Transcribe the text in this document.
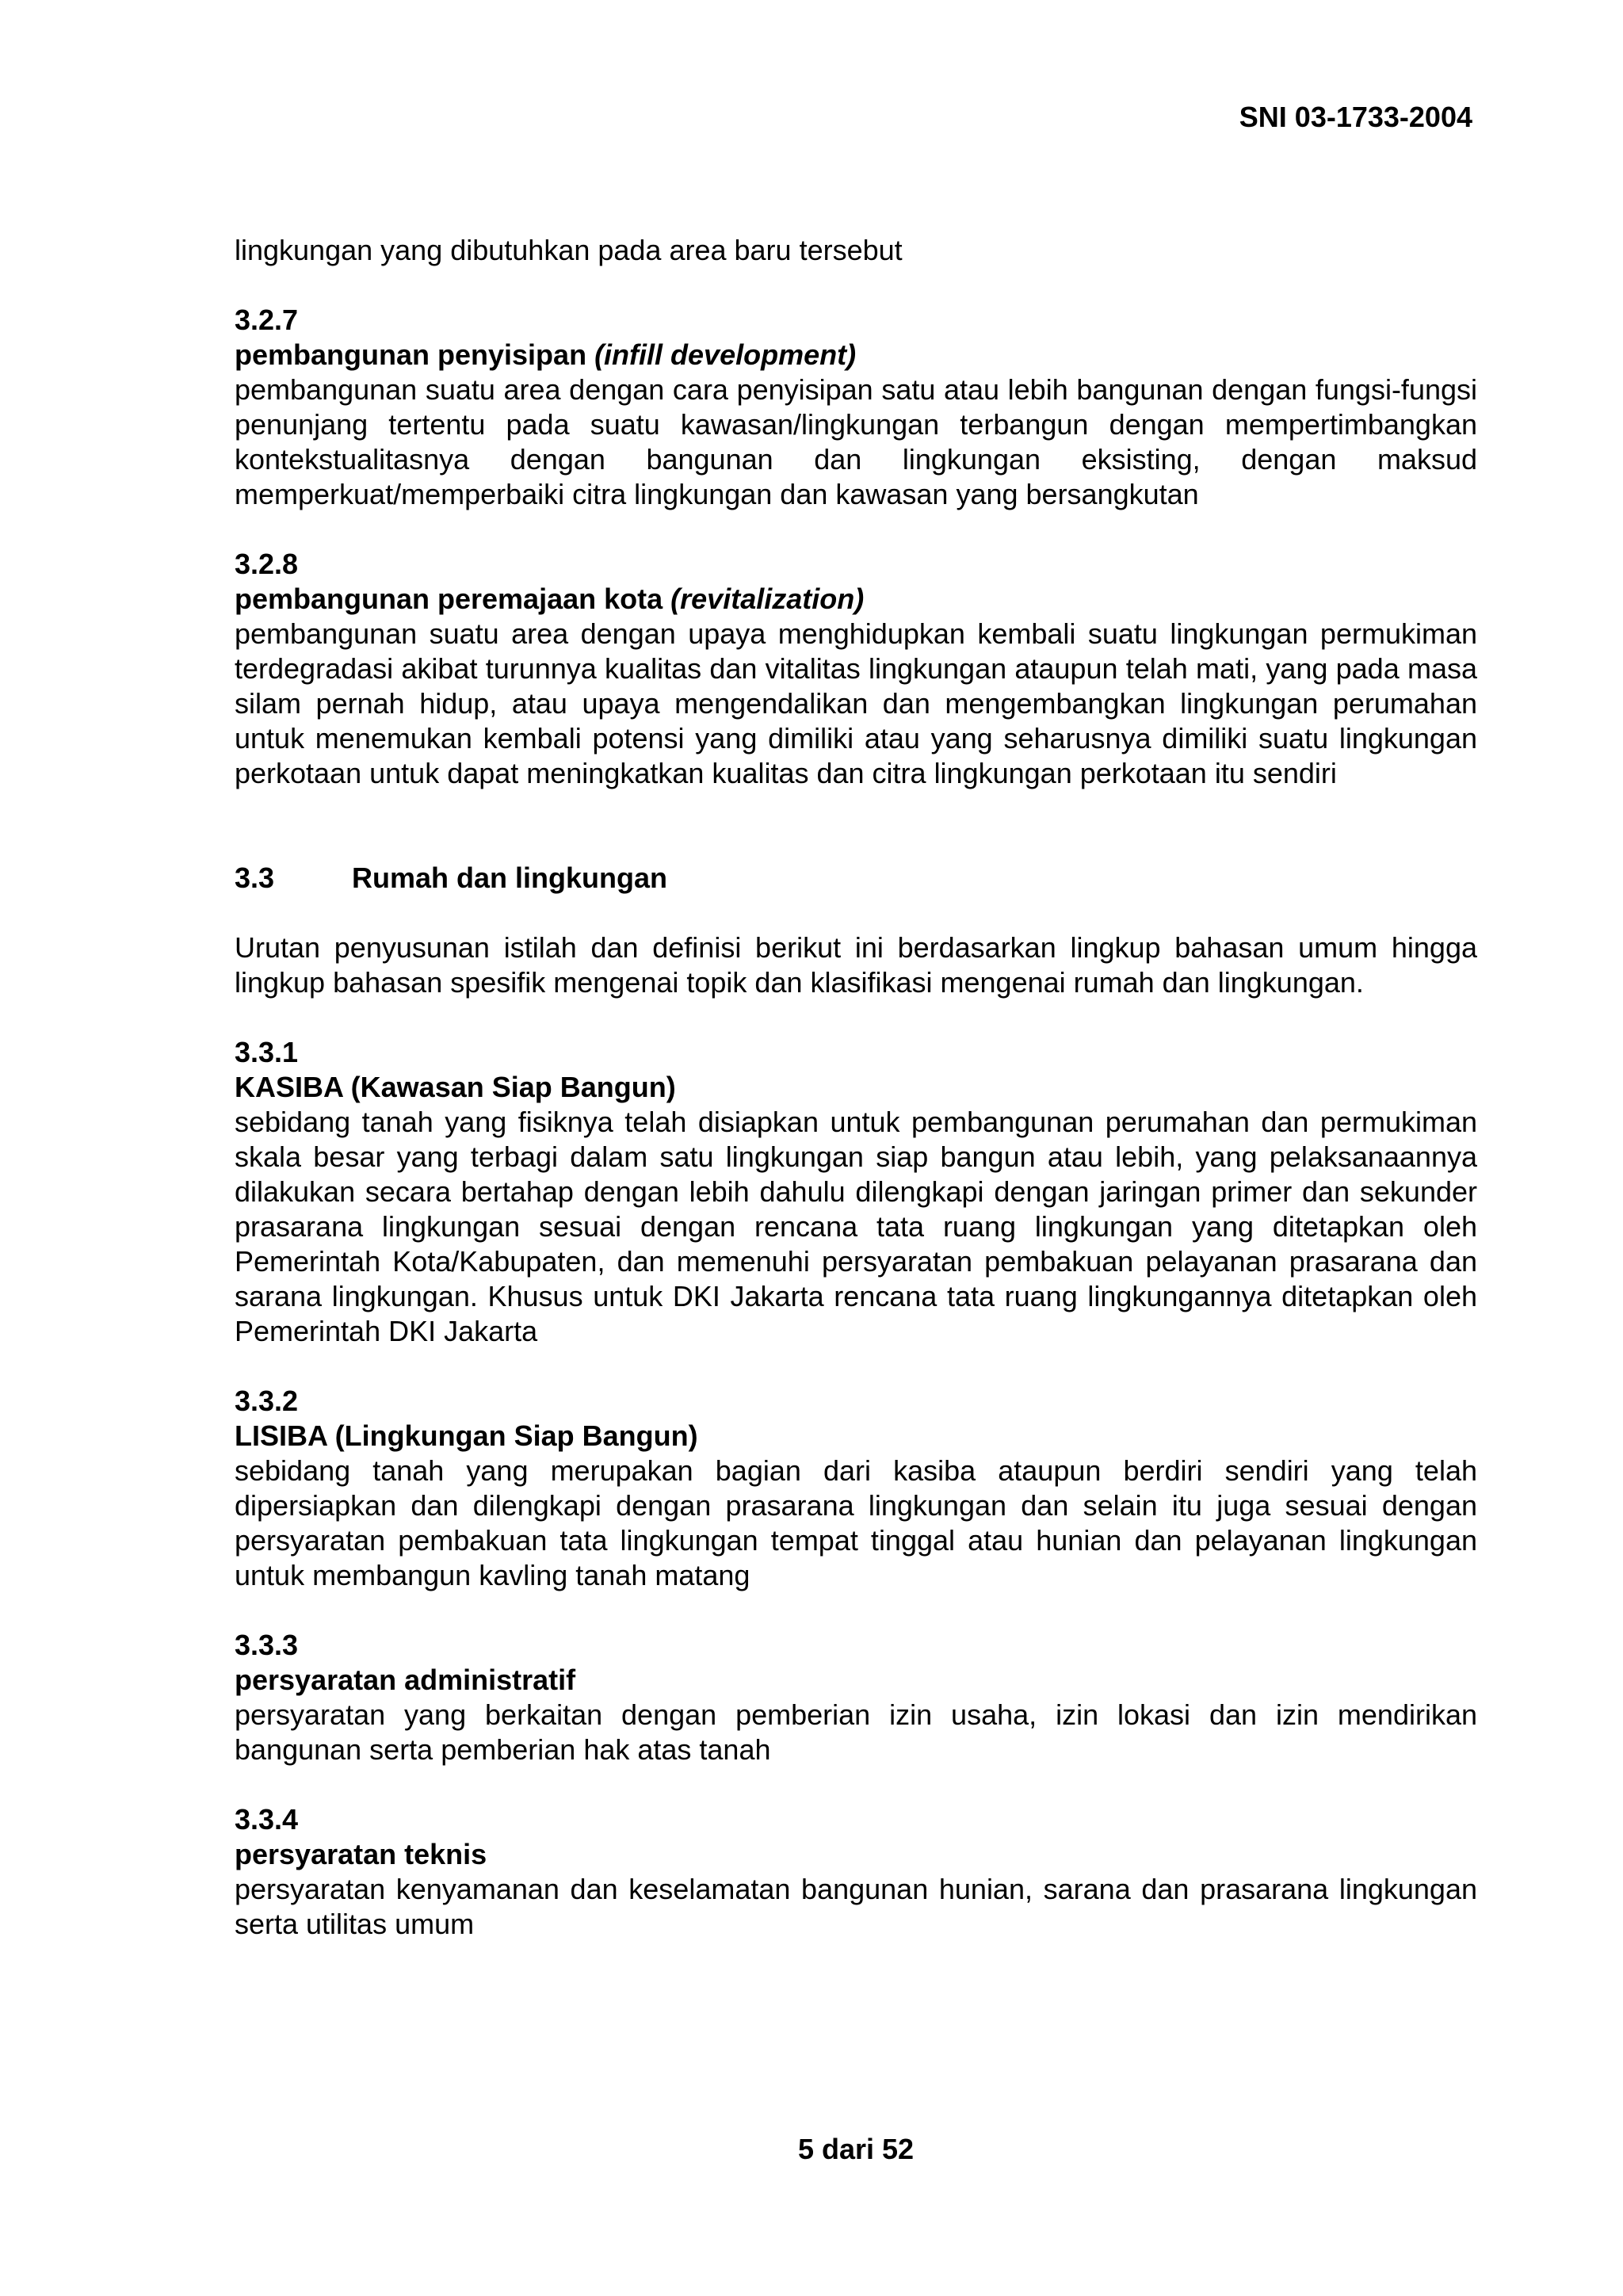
SNI 03-1733-2004

lingkungan yang dibutuhkan pada area baru tersebut

3.2.7

pembangunan penyisipan (infill development)

pembangunan suatu area dengan cara penyisipan satu atau lebih bangunan dengan fungsi-fungsi penunjang tertentu pada suatu kawasan/lingkungan terbangun dengan mempertimbangkan kontekstualitasnya dengan bangunan dan lingkungan eksisting, dengan maksud memperkuat/memperbaiki citra lingkungan dan kawasan yang bersangkutan

3.2.8

pembangunan peremajaan kota (revitalization)

pembangunan suatu area dengan upaya menghidupkan kembali suatu lingkungan permukiman terdegradasi akibat turunnya kualitas dan vitalitas lingkungan ataupun telah mati, yang pada masa silam pernah hidup, atau upaya mengendalikan dan mengembangkan lingkungan perumahan untuk menemukan kembali potensi yang dimiliki atau yang seharusnya dimiliki suatu lingkungan perkotaan untuk dapat meningkatkan kualitas dan citra lingkungan perkotaan itu sendiri

3.3	Rumah dan lingkungan

Urutan penyusunan istilah dan definisi berikut ini berdasarkan lingkup bahasan umum hingga lingkup bahasan spesifik mengenai topik dan klasifikasi mengenai rumah dan lingkungan.

3.3.1

KASIBA (Kawasan Siap Bangun)

sebidang tanah yang fisiknya telah disiapkan untuk pembangunan perumahan dan permukiman skala besar yang terbagi dalam satu lingkungan siap bangun atau lebih, yang pelaksanaannya dilakukan secara bertahap dengan lebih dahulu dilengkapi dengan jaringan primer dan sekunder prasarana lingkungan sesuai dengan rencana tata ruang lingkungan yang ditetapkan oleh Pemerintah Kota/Kabupaten, dan memenuhi persyaratan pembakuan pelayanan prasarana dan sarana lingkungan. Khusus untuk DKI Jakarta rencana tata ruang lingkungannya ditetapkan oleh Pemerintah DKI Jakarta

3.3.2

LISIBA (Lingkungan Siap Bangun)

sebidang tanah yang merupakan bagian dari kasiba ataupun berdiri sendiri yang telah dipersiapkan dan dilengkapi dengan prasarana lingkungan dan selain itu juga sesuai dengan persyaratan pembakuan tata lingkungan tempat tinggal atau hunian dan pelayanan lingkungan untuk membangun kavling tanah matang

3.3.3

persyaratan administratif

persyaratan yang berkaitan dengan pemberian izin usaha, izin lokasi dan izin mendirikan bangunan serta pemberian hak atas tanah

3.3.4

persyaratan teknis

persyaratan kenyamanan dan keselamatan bangunan hunian, sarana dan prasarana lingkungan serta utilitas umum

5 dari 52
